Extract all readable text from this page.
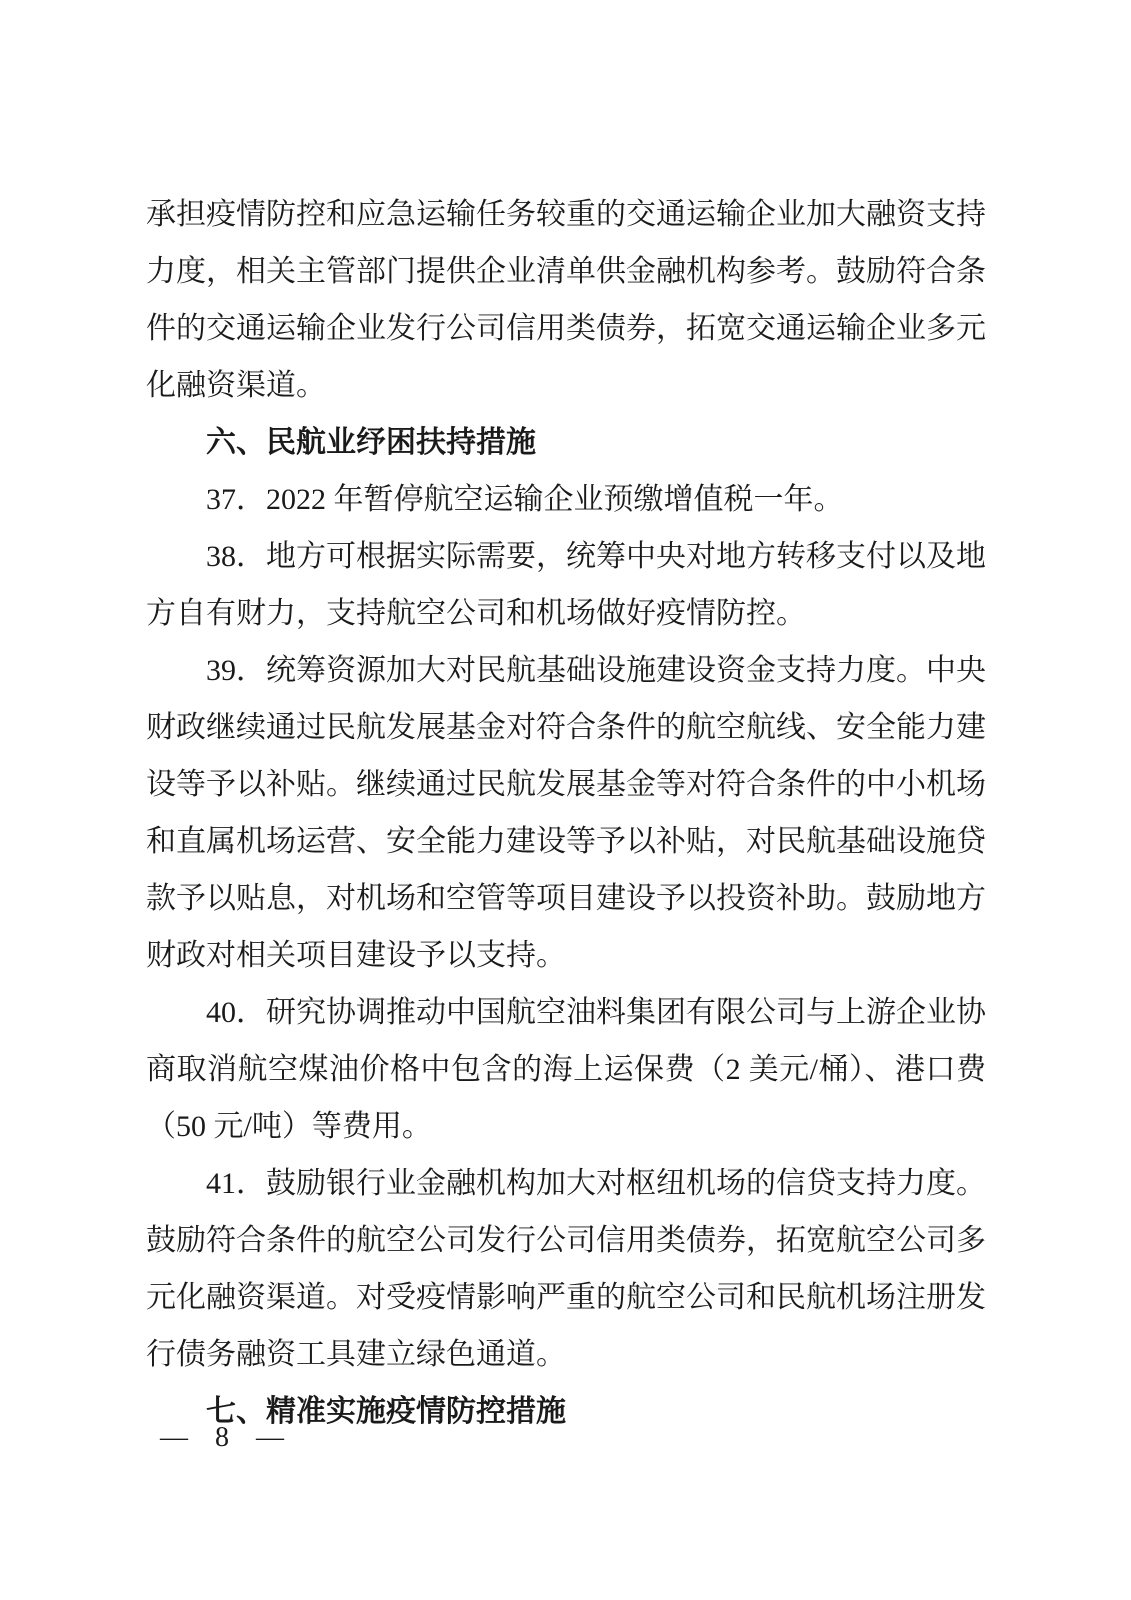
承担疫情防控和应急运输任务较重的交通运输企业加大融资支持力度，相关主管部门提供企业清单供金融机构参考。鼓励符合条件的交通运输企业发行公司信用类债券，拓宽交通运输企业多元化融资渠道。

六、民航业纾困扶持措施

37．2022 年暂停航空运输企业预缴增值税一年。

38．地方可根据实际需要，统筹中央对地方转移支付以及地方自有财力，支持航空公司和机场做好疫情防控。

39．统筹资源加大对民航基础设施建设资金支持力度。中央财政继续通过民航发展基金对符合条件的航空航线、安全能力建设等予以补贴。继续通过民航发展基金等对符合条件的中小机场和直属机场运营、安全能力建设等予以补贴，对民航基础设施贷款予以贴息，对机场和空管等项目建设予以投资补助。鼓励地方财政对相关项目建设予以支持。

40．研究协调推动中国航空油料集团有限公司与上游企业协商取消航空煤油价格中包含的海上运保费（2 美元/桶）、港口费（50 元/吨）等费用。

41．鼓励银行业金融机构加大对枢纽机场的信贷支持力度。鼓励符合条件的航空公司发行公司信用类债券，拓宽航空公司多元化融资渠道。对受疫情影响严重的航空公司和民航机场注册发行债务融资工具建立绿色通道。

七、精准实施疫情防控措施
— 8 —
